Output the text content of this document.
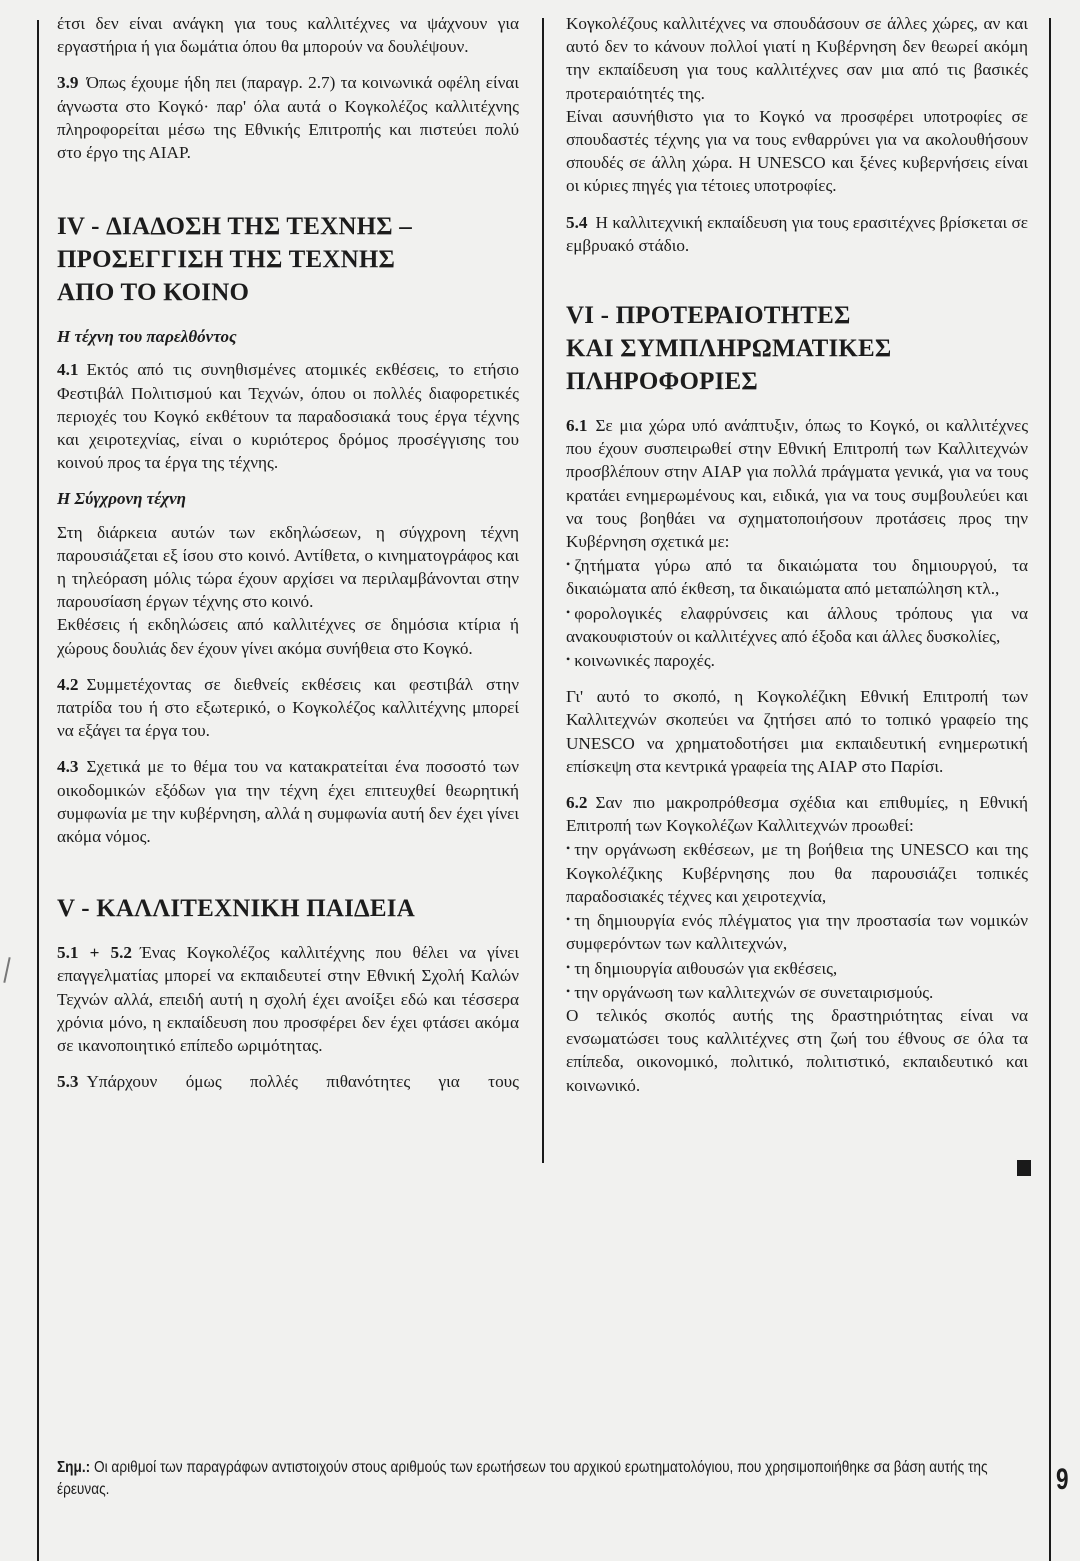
έτσι δεν είναι ανάγκη για τους καλλιτέχνες να ψάχνουν για εργαστήρια ή για δωμάτια όπου θα μπορούν να δουλέψουν.

3.9 Όπως έχουμε ήδη πει (παραγρ. 2.7) τα κοινωνικά οφέλη είναι άγνωστα στο Κογκό· παρ' όλα αυτά ο Κογκολέζος καλλιτέχνης πληροφορείται μέσω της Εθνικής Επιτροπής και πιστεύει πολύ στο έργο της ΑΙΑΡ.

IV - ΔΙΑΔΟΣΗ ΤΗΣ ΤΕΧΝΗΣ –
ΠΡΟΣΕΓΓΙΣΗ ΤΗΣ ΤΕΧΝΗΣ
ΑΠΟ ΤΟ ΚΟΙΝΟ
Η τέχνη του παρελθόντος

4.1 Εκτός από τις συνηθισμένες ατομικές εκθέσεις, το ετήσιο Φεστιβάλ Πολιτισμού και Τεχνών, όπου οι πολλές διαφορετικές περιοχές του Κογκό εκθέτουν τα παραδοσιακά τους έργα τέχνης και χειροτεχνίας, είναι ο κυριότερος δρόμος προσέγγισης του κοινού προς τα έργα της τέχνης.

Η Σύγχρονη τέχνη

Στη διάρκεια αυτών των εκδηλώσεων, η σύγχρονη τέχνη παρουσιάζεται εξ ίσου στο κοινό. Αντίθετα, ο κινηματογράφος και η τηλεόραση μόλις τώρα έχουν αρχίσει να περιλαμβάνονται στην παρουσίαση έργων τέχνης στο κοινό.

Εκθέσεις ή εκδηλώσεις από καλλιτέχνες σε δημόσια κτίρια ή χώρους δουλιάς δεν έχουν γίνει ακόμα συνήθεια στο Κογκό.

4.2 Συμμετέχοντας σε διεθνείς εκθέσεις και φεστιβάλ στην πατρίδα του ή στο εξωτερικό, ο Κογκολέζος καλλιτέχνης μπορεί να εξάγει τα έργα του.

4.3 Σχετικά με το θέμα του να κατακρατείται ένα ποσοστό των οικοδομικών εξόδων για την τέχνη έχει επιτευχθεί θεωρητική συμφωνία με την κυβέρνηση, αλλά η συμφωνία αυτή δεν έχει γίνει ακόμα νόμος.

V - ΚΑΛΛΙΤΕΧΝΙΚΗ ΠΑΙΔΕΙΑ

5.1 + 5.2 Ένας Κογκολέζος καλλιτέχνης που θέλει να γίνει επαγγελματίας μπορεί να εκπαιδευτεί στην Εθνική Σχολή Καλών Τεχνών αλλά, επειδή αυτή η σχολή έχει ανοίξει εδώ και τέσσερα χρόνια μόνο, η εκπαίδευση που προσφέρει δεν έχει φτάσει ακόμα σε ικανοποιητικό επίπεδο ωριμότητας.

5.3 Υπάρχουν όμως πολλές πιθανότητες για τους

Κογκολέζους καλλιτέχνες να σπουδάσουν σε άλλες χώρες, αν και αυτό δεν το κάνουν πολλοί γιατί η Κυβέρνηση δεν θεωρεί ακόμη την εκπαίδευση για τους καλλιτέχνες σαν μια από τις βασικές προτεραιότητές της.

Είναι ασυνήθιστο για το Κογκό να προσφέρει υποτροφίες σε σπουδαστές τέχνης για να τους ενθαρρύνει για να ακολουθήσουν σπουδές σε άλλη χώρα. Η UNESCO και ξένες κυβερνήσεις είναι οι κύριες πηγές για τέτοιες υποτροφίες.

5.4 Η καλλιτεχνική εκπαίδευση για τους ερασιτέχνες βρίσκεται σε εμβρυακό στάδιο.

VI - ΠΡΟΤΕΡΑΙΟΤΗΤΕΣ
ΚΑΙ ΣΥΜΠΛΗΡΩΜΑΤΙΚΕΣ
ΠΛΗΡΟΦΟΡΙΕΣ

6.1 Σε μια χώρα υπό ανάπτυξιν, όπως το Κογκό, οι καλλιτέχνες που έχουν συσπειρωθεί στην Εθνική Επιτροπή των Καλλιτεχνών προσβλέπουν στην ΑΙΑΡ για πολλά πράγματα γενικά, για να τους κρατάει ενημερωμένους και, ειδικά, για να τους συμβουλεύει και να τους βοηθάει να σχηματοποιήσουν προτάσεις προς την Κυβέρνηση σχετικά με:

• ζητήματα γύρω από τα δικαιώματα του δημιουργού, τα δικαιώματα από έκθεση, τα δικαιώματα από μεταπώληση κτλ.,

• φορολογικές ελαφρύνσεις και άλλους τρόπους για να ανακουφιστούν οι καλλιτέχνες από έξοδα και άλλες δυσκολίες,

• κοινωνικές παροχές.

Γι' αυτό το σκοπό, η Κογκολέζικη Εθνική Επιτροπή των Καλλιτεχνών σκοπεύει να ζητήσει από το τοπικό γραφείο της UNESCO να χρηματοδοτήσει μια εκπαιδευτική ενημερωτική επίσκεψη στα κεντρικά γραφεία της ΑΙΑΡ στο Παρίσι.

6.2 Σαν πιο μακροπρόθεσμα σχέδια και επιθυμίες, η Εθνική Επιτροπή των Κογκολέζων Καλλιτεχνών προωθεί:

• την οργάνωση εκθέσεων, με τη βοήθεια της UNESCO και της Κογκολέζικης Κυβέρνησης που θα παρουσιάζει τοπικές παραδοσιακές τέχνες και χειροτεχνία,

• τη δημιουργία ενός πλέγματος για την προστασία των νομικών συμφερόντων των καλλιτεχνών,

• τη δημιουργία αιθουσών για εκθέσεις,

• την οργάνωση των καλλιτεχνών σε συνεταιρισμούς.

Ο τελικός σκοπός αυτής της δραστηριότητας είναι να ενσωματώσει τους καλλιτέχνες στη ζωή του έθνους σε όλα τα επίπεδα, οικονομικό, πολιτικό, πολιτιστικό, εκπαιδευτικό και κοινωνικό.

Σημ.: Οι αριθμοί των παραγράφων αντιστοιχούν στους αριθμούς των ερωτήσεων του αρχικού ερωτηματολόγιου, που χρησιμοποιήθηκε σα βάση αυτής της έρευνας.	9
